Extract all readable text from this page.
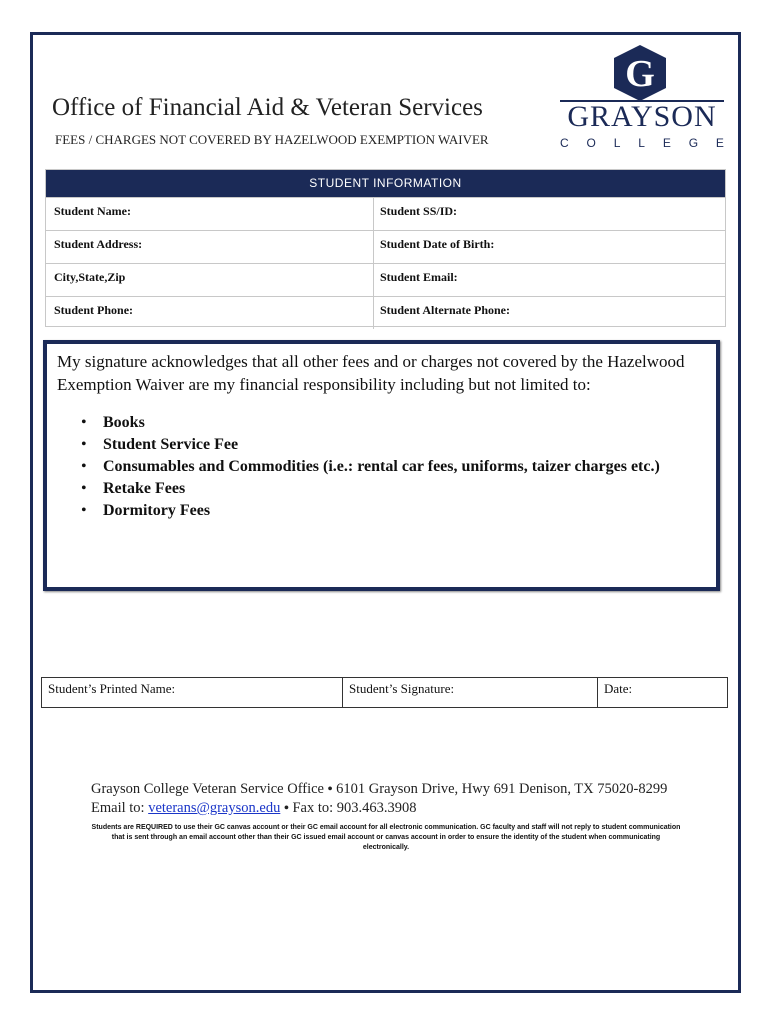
Office of Financial Aid & Veteran Services
FEES / CHARGES NOT COVERED BY HAZELWOOD EXEMPTION WAIVER
G
GRAYSON
C O L L E G E
STUDENT INFORMATION
Student Name:	Student SS/ID:
Student Address:	Student Date of Birth:
City,State,Zip	Student Email:
Student Phone:	Student Alternate Phone:
My signature acknowledges that all other fees and or charges not covered by the Hazelwood Exemption Waiver are my financial responsibility including but not limited to:
• Books
• Student Service Fee
• Consumables and Commodities (i.e.: rental car fees, uniforms, taizer charges etc.)
• Retake Fees
• Dormitory Fees
Student’s Printed Name:	Student’s Signature:	Date:
Grayson College Veteran Service Office • 6101 Grayson Drive, Hwy 691 Denison, TX 75020-8299 Email to: veterans@grayson.edu • Fax to: 903.463.3908
Students are REQUIRED to use their GC canvas account or their GC email account for all electronic communication. GC faculty and staff will not reply to student communication that is sent through an email account other than their GC issued email account or canvas account in order to ensure the identity of the student when communicating electronically.
